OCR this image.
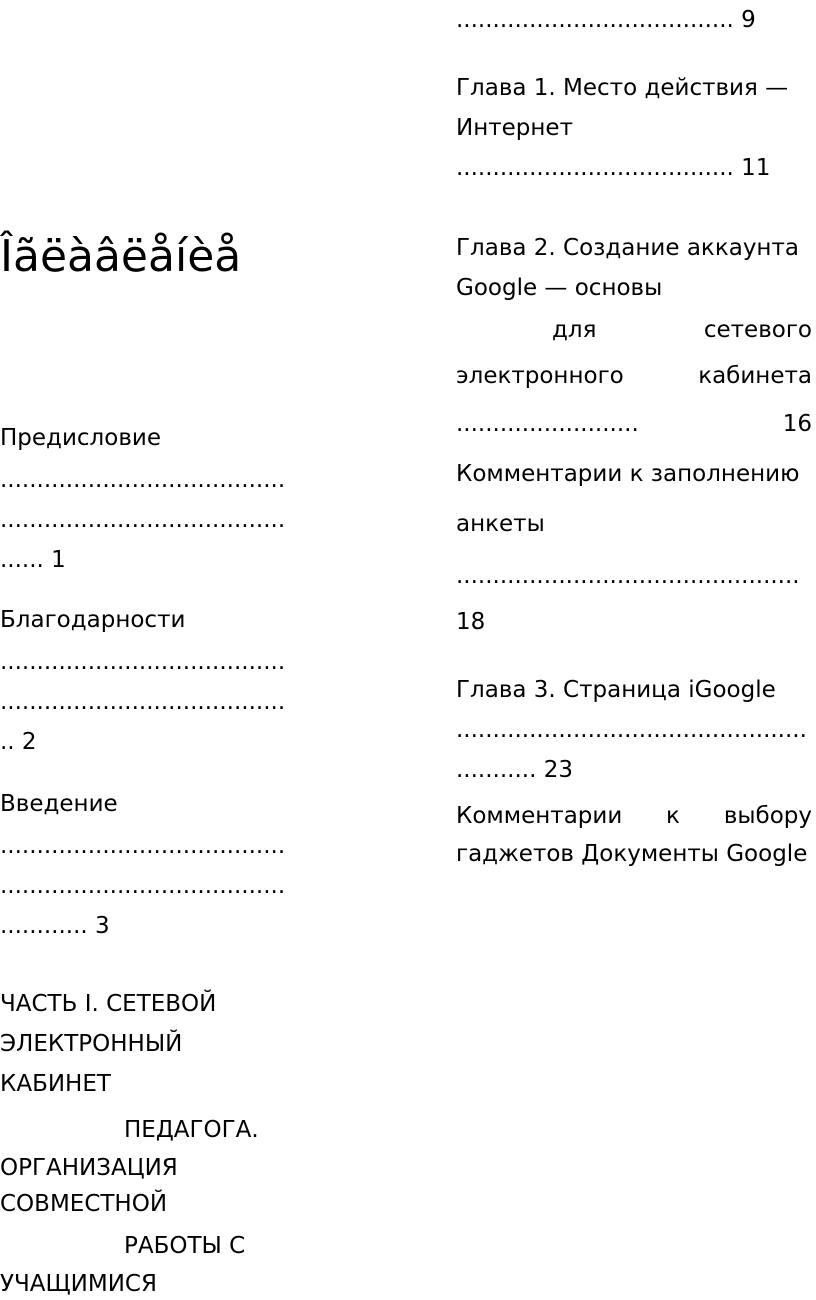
Îãëàâëåíèå
Предисловие
.......................................
.......................................
...... 1
Благодарности
.......................................
.......................................
.. 2
Введение
.......................................
.......................................
............ 3
ЧАСТЬ I. СЕТЕВОЙ
ЭЛЕКТРОННЫЙ
КАБИНЕТ
ПЕДАГОГА.
ОРГАНИЗАЦИЯ
СОВМЕСТНОЙ
РАБОТЫ С
УЧАЩИМИСЯ
...................................... 9
Глава 1. Место действия —
Интернет
...................................... 11
Глава 2. Создание аккаунта
Google — основы
для	сетевого
электронного	кабинета
.........................	16
Комментарии к заполнению
анкеты
...............................................
18
Глава 3. Страница iGoogle
................................................
........... 23
Комментарии к выбору
гаджетов Документы Google
